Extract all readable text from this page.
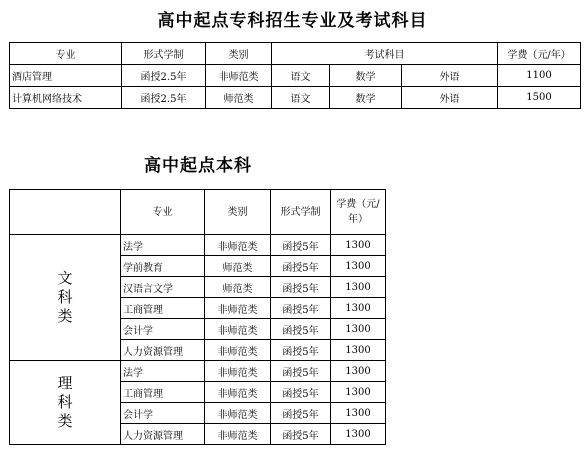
高中起点专科招生专业及考试科目
专业	形式学制	类别	考试科目			学费（元/年）
酒店管理	函授2.5年	非师范类	语文	数学	外语	1100
计算机网络技术	函授2.5年	师范类	语文	数学	外语	1500
高中起点本科
	专业	类别	形式学制	学费（元/
年）

文
科
类	法学	非师范类	函授5年	1300
	学前教育	师范类	函授5年	1300
	汉语言文学	师范类	函授5年	1300
	工商管理	非师范类	函授5年	1300
	会计学	非师范类	函授5年	1300
	人力资源管理	非师范类	函授5年	1300

理
科
类	法学	非师范类	函授5年	1300
	工商管理	非师范类	函授5年	1300
	会计学	非师范类	函授5年	1300
	人力资源管理	非师范类	函授5年	1300
